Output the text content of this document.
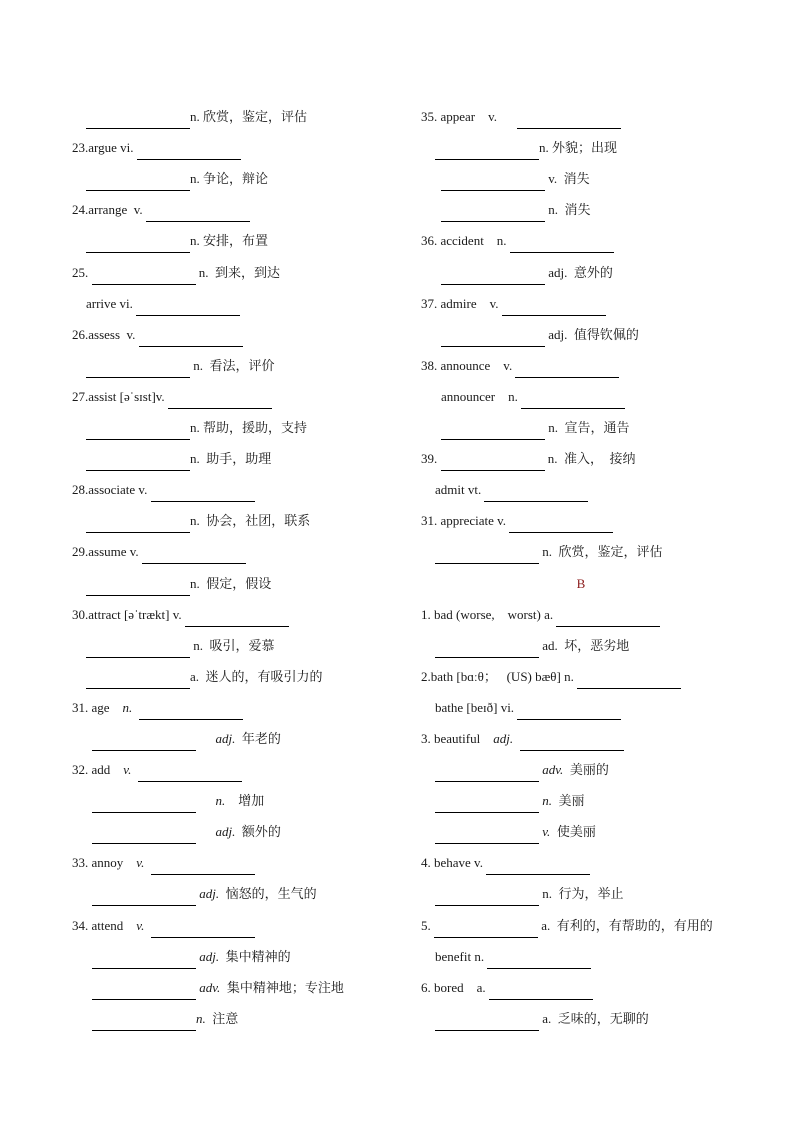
n. 欣赏，鉴定，评估
23.argue vi.
n. 争论，辩论
24.arrange  v.
n. 安排，布置
25.	n.  到来，到达
arrive vi.
26.assess  v.
n.  看法，评价
27.assist [əˈsɪst]v.
n. 帮助，援助，支持
n.  助手，助理
28.associate v.
n.  协会，社团，联系
29.assume v.
n.  假定，假设
30.attract [əˈtrækt] v.
n.  吸引，爱慕
a.  迷人的，有吸引力的
31. age n.

adj. 年老的
32. add v.

n. 增加

adj. 额外的
33. annoy v.

adj. 恼怒的，生气的
34. attend v.

adj. 集中精神的

adv. 集中精神地；专注地
n. 注意
35. appear    v.
n. 外貌；出现
v.  消失
n.  消失
36. accident    n.
adj.  意外的
37. admire    v.
adj.  值得钦佩的
38. announce    v.
announcer    n.
n.  宣告，通告
39.	n.  准入，  接纳
admit vt.
31. appreciate v.
n.  欣赏，鉴定，评估
B
1. bad (worse,    worst) a.
ad.  坏，恶劣地
2.bath [bɑːθ；   (US) bæθ] n.
bathe [beɪð] vi.
3. beautiful adj.

adv. 美丽的

n. 美丽

v. 使美丽
4. behave v.
n.  行为，举止
5.	a.  有利的，有帮助的，有用的
benefit n.
6. bored    a.
a.  乏味的，无聊的
